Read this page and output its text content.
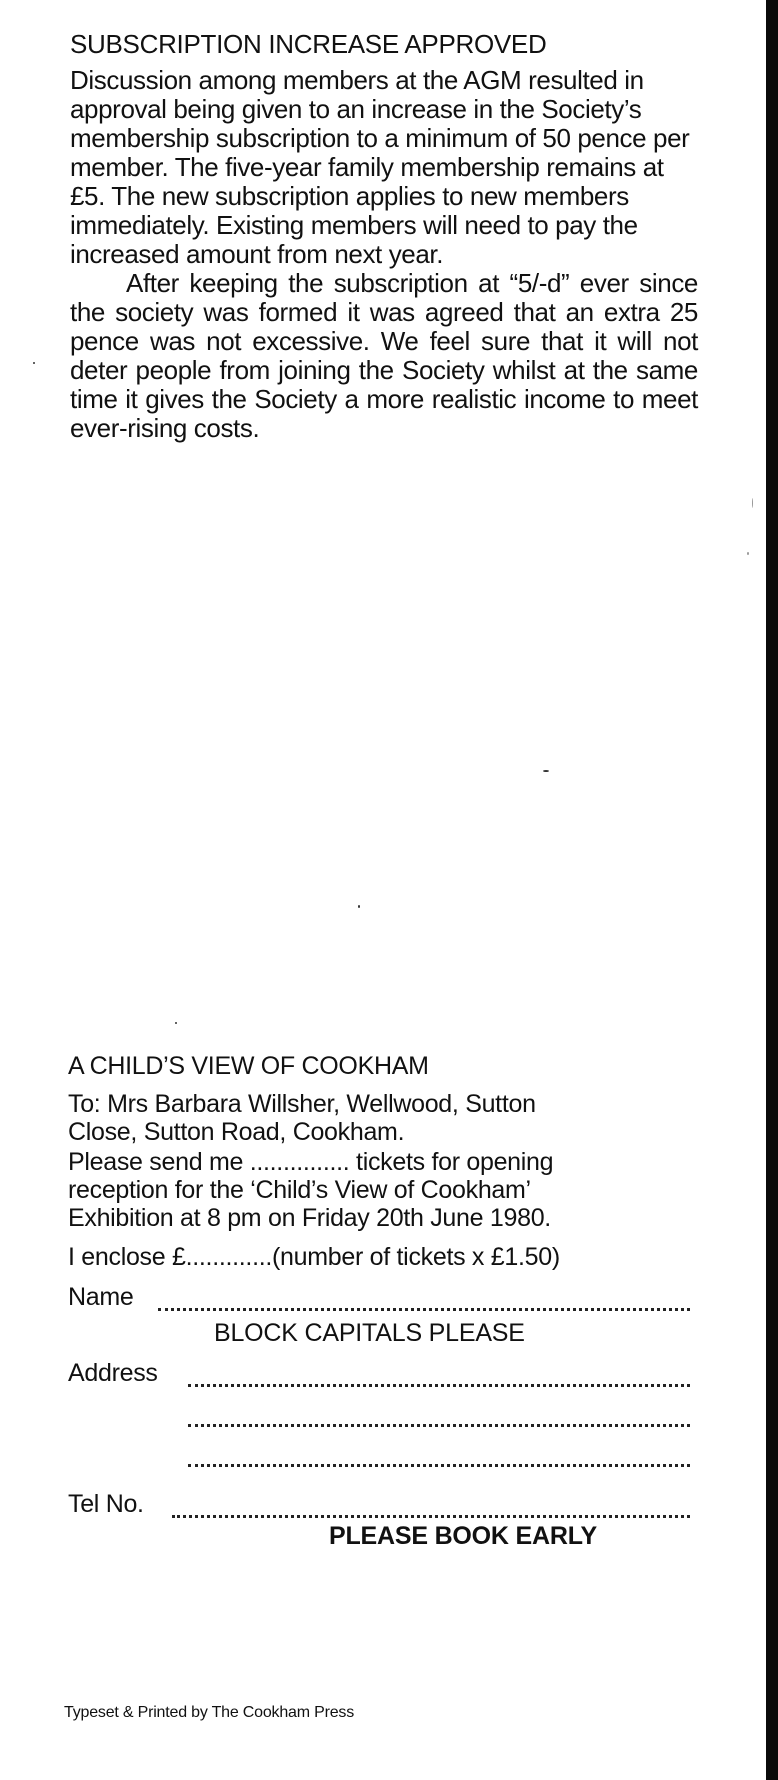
SUBSCRIPTION INCREASE APPROVED

Discussion among members at the AGM resulted in approval being given to an increase in the Society’s membership subscription to a minimum of 50 pence per member. The five-year family membership remains at £5. The new subscription applies to new members immediately. Existing members will need to pay the increased amount from next year.

After keeping the subscription at “5/-d” ever since the society was formed it was agreed that an extra 25 pence was not excessive. We feel sure that it will not deter people from joining the Society whilst at the same time it gives the Society a more realistic income to meet ever-rising costs.

A CHILD’S VIEW OF COOKHAM
To: Mrs Barbara Willsher, Wellwood, Sutton
Close, Sutton Road, Cookham.
Please send me ............... tickets for opening
reception for the ‘Child’s View of Cookham’
Exhibition at 8 pm on Friday 20th June 1980.
I enclose £.............(number of tickets x £1.50)
Name
BLOCK CAPITALS PLEASE
Address
Tel No.
PLEASE BOOK EARLY
Typeset & Printed by The Cookham Press
